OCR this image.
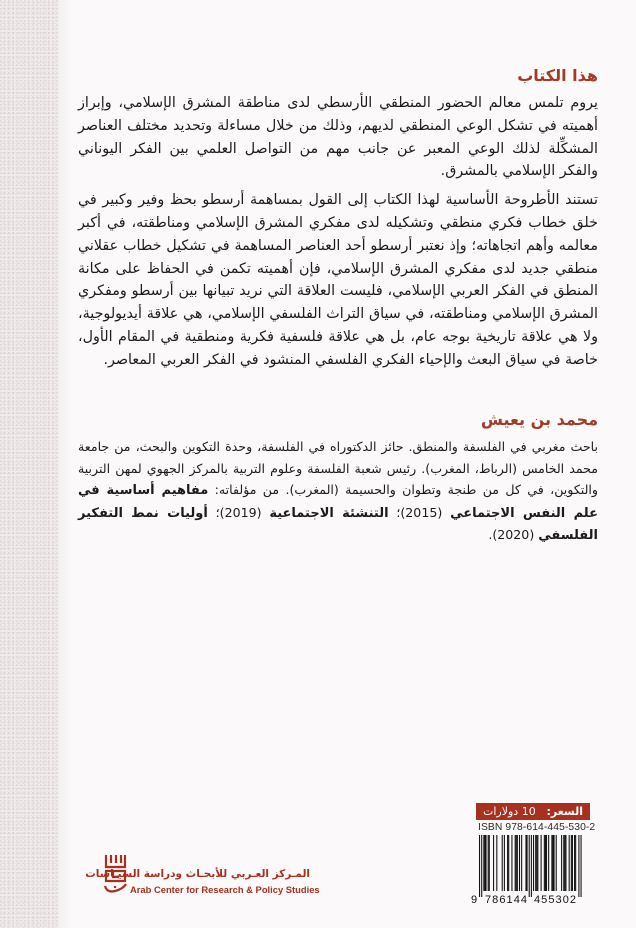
هذا الكتاب

يروم تلمس معالم الحضور المنطقي الأرسطي لدى مناطقة المشرق الإسلامي، وإبراز أهميته في تشكل الوعي المنطقي لديهم، وذلك من خلال مساءلة وتحديد مختلف العناصر المشكِّلة لذلك الوعي المعبر عن جانب مهم من التواصل العلمي بين الفكر اليوناني والفكر الإسلامي بالمشرق.

تستند الأطروحة الأساسية لهذا الكتاب إلى القول بمساهمة أرسطو بحظ وفير وكبير في خلق خطاب فكري منطقي وتشكيله لدى مفكري المشرق الإسلامي ومناطقته، في أكبر معالمه وأهم اتجاهاته؛ وإذ نعتبر أرسطو أحد العناصر المساهمة في تشكيل خطاب عقلاني منطقي جديد لدى مفكري المشرق الإسلامي، فإن أهميته تكمن في الحفاظ على مكانة المنطق في الفكر العربي الإسلامي، فليست العلاقة التي نريد تبيانها بين أرسطو ومفكري المشرق الإسلامي ومناطقته، في سياق التراث الفلسفي الإسلامي، هي علاقة أيديولوجية، ولا هي علاقة تاريخية بوجه عام، بل هي علاقة فلسفية فكرية ومنطقية في المقام الأول، خاصة في سياق البعث والإحياء الفكري الفلسفي المنشود في الفكر العربي المعاصر.

محمد بن يعيش

باحث مغربي في الفلسفة والمنطق. حائز الدكتوراه في الفلسفة، وحدة التكوين والبحث، من جامعة محمد الخامس (الرباط، المغرب). رئيس شعبة الفلسفة وعلوم التربية بالمركز الجهوي لمهن التربية والتكوين، في كل من طنجة وتطوان والحسيمة (المغرب). من مؤلفاته: مفاهيم أساسية في علم النفس الاجتماعي (2015)؛ التنشئة الاجتماعية (2019)؛ أوليات نمط التفكير الفلسفي (2020).

السعر:
10 دولارات
ISBN 978-614-445-530-2
9 786144 455302
المـركز العـربي للأبحـاث ودراسة السيـاسات
Arab Center for Research & Policy Studies
